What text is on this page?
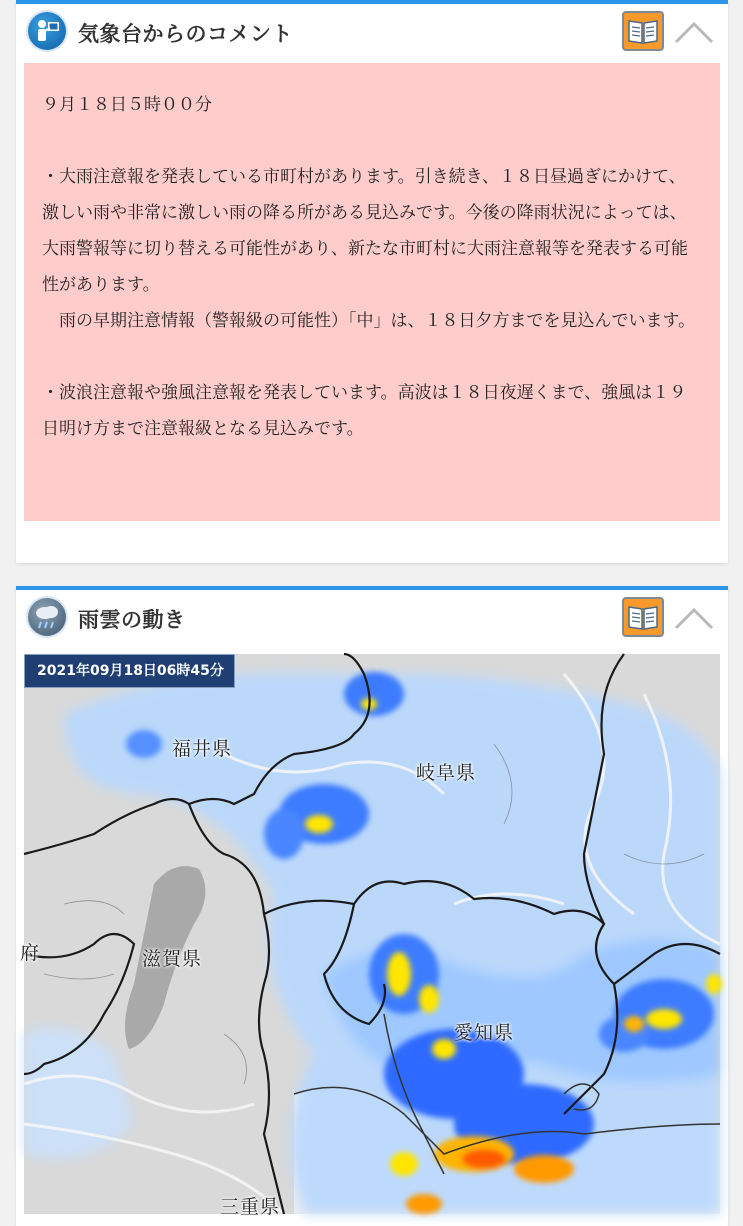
気象台からのコメント

９月１８日５時００分

・大雨注意報を発表している市町村があります。引き続き、１８日昼過ぎにかけて、激しい雨や非常に激しい雨の降る所がある見込みです。今後の降雨状況によっては、大雨警報等に切り替える可能性があり、新たな市町村に大雨注意報等を発表する可能性があります。

　雨の早期注意情報（警報級の可能性）「中」は、１８日夕方までを見込んでいます。

・波浪注意報や強風注意報を発表しています。高波は１８日夜遅くまで、強風は１９日明け方まで注意報級となる見込みです。

雨雲の動き
2021年09月18日06時45分
福井県
岐阜県
滋賀県
愛知県
三重県
府
